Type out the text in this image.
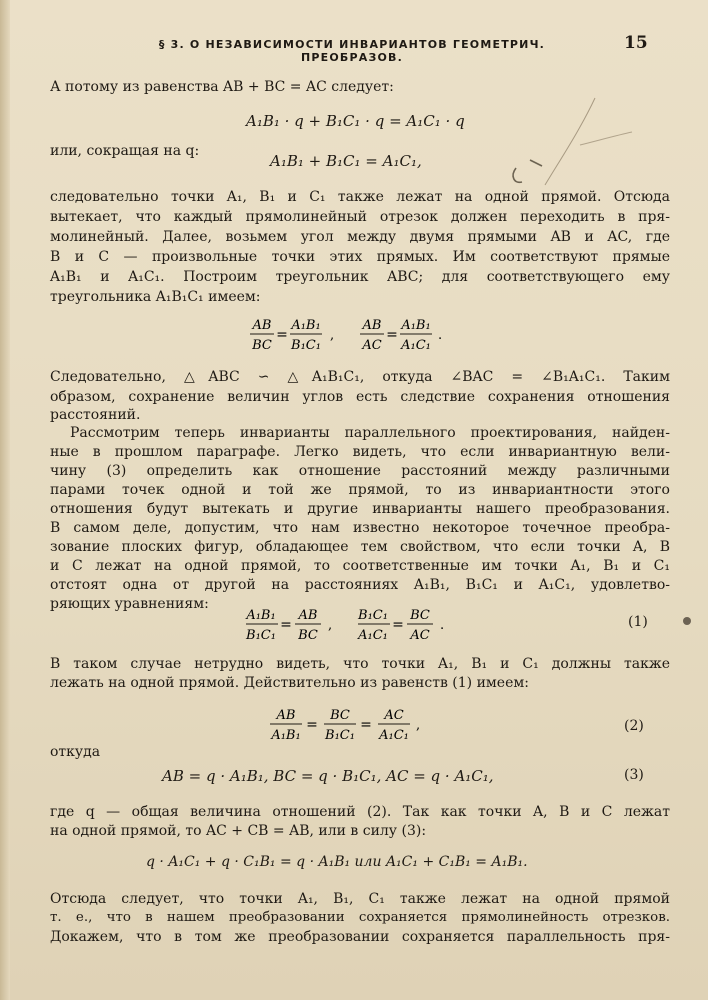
§ 3. О НЕЗАВИСИМОСТИ ИНВАРИАНТОВ ГЕОМЕТРИЧ. ПРЕОБРАЗОВ.
15
А потому из равенства AB + BC = AC следует:
A₁B₁ · q + B₁C₁ · q = A₁C₁ · q
или, сокращая на q:
A₁B₁ + B₁C₁ = A₁C₁,
следовательно точки A₁, B₁ и C₁ также лежат на одной прямой. Отсюда
вытекает, что каждый прямолинейный отрезок должен переходить в пря-
молинейный. Далее, возьмем угол между двумя прямыми AB и AC, где
B и C — произвольные точки этих прямых. Им соответствуют прямые
A₁B₁ и A₁C₁. Построим треугольник ABC; для соответствующего ему
треугольника A₁B₁C₁ имеем:
AB
BC
=
A₁B₁
B₁C₁
,
AB
AC
=
A₁B₁
A₁C₁
.
Следовательно, △ABC ∽ △A₁B₁C₁, откуда ∠BAC = ∠B₁A₁C₁. Таким
образом, сохранение величин углов есть следствие сохранения отношения
расстояний.
Рассмотрим теперь инварианты параллельного проектирования, найден-
ные в прошлом параграфе. Легко видеть, что если инвариантную вели-
чину (3) определить как отношение расстояний между различными
парами точек одной и той же прямой, то из инвариантности этого
отношения будут вытекать и другие инварианты нашего преобразования.
В самом деле, допустим, что нам известно некоторое точечное преобра-
зование плоских фигур, обладающее тем свойством, что если точки A, B
и C лежат на одной прямой, то соответственные им точки A₁, B₁ и C₁
отстоят одна от другой на расстояниях A₁B₁, B₁C₁ и A₁C₁, удовлетво-
ряющих уравнениям:
A₁B₁
B₁C₁
=
AB
BC
,
B₁C₁
A₁C₁
=
BC
AC
.	(1)
В таком случае нетрудно видеть, что точки A₁, B₁ и C₁ должны также
лежать на одной прямой. Действительно из равенств (1) имеем:
AB
A₁B₁
=
BC
B₁C₁
=
AC
A₁C₁
,	(2)
откуда
AB = q · A₁B₁, BC = q · B₁C₁, AC = q · A₁C₁,	(3)
где q — общая величина отношений (2). Так как точки A, B и C лежат
на одной прямой, то AC + CB = AB, или в силу (3):
q · A₁C₁ + q · C₁B₁ = q · A₁B₁ или A₁C₁ + C₁B₁ = A₁B₁.
Отсюда следует, что точки A₁, B₁, C₁ также лежат на одной прямой
т. е., что в нашем преобразовании сохраняется прямолинейность отрезков.
Докажем, что в том же преобразовании сохраняется параллельность пря-
